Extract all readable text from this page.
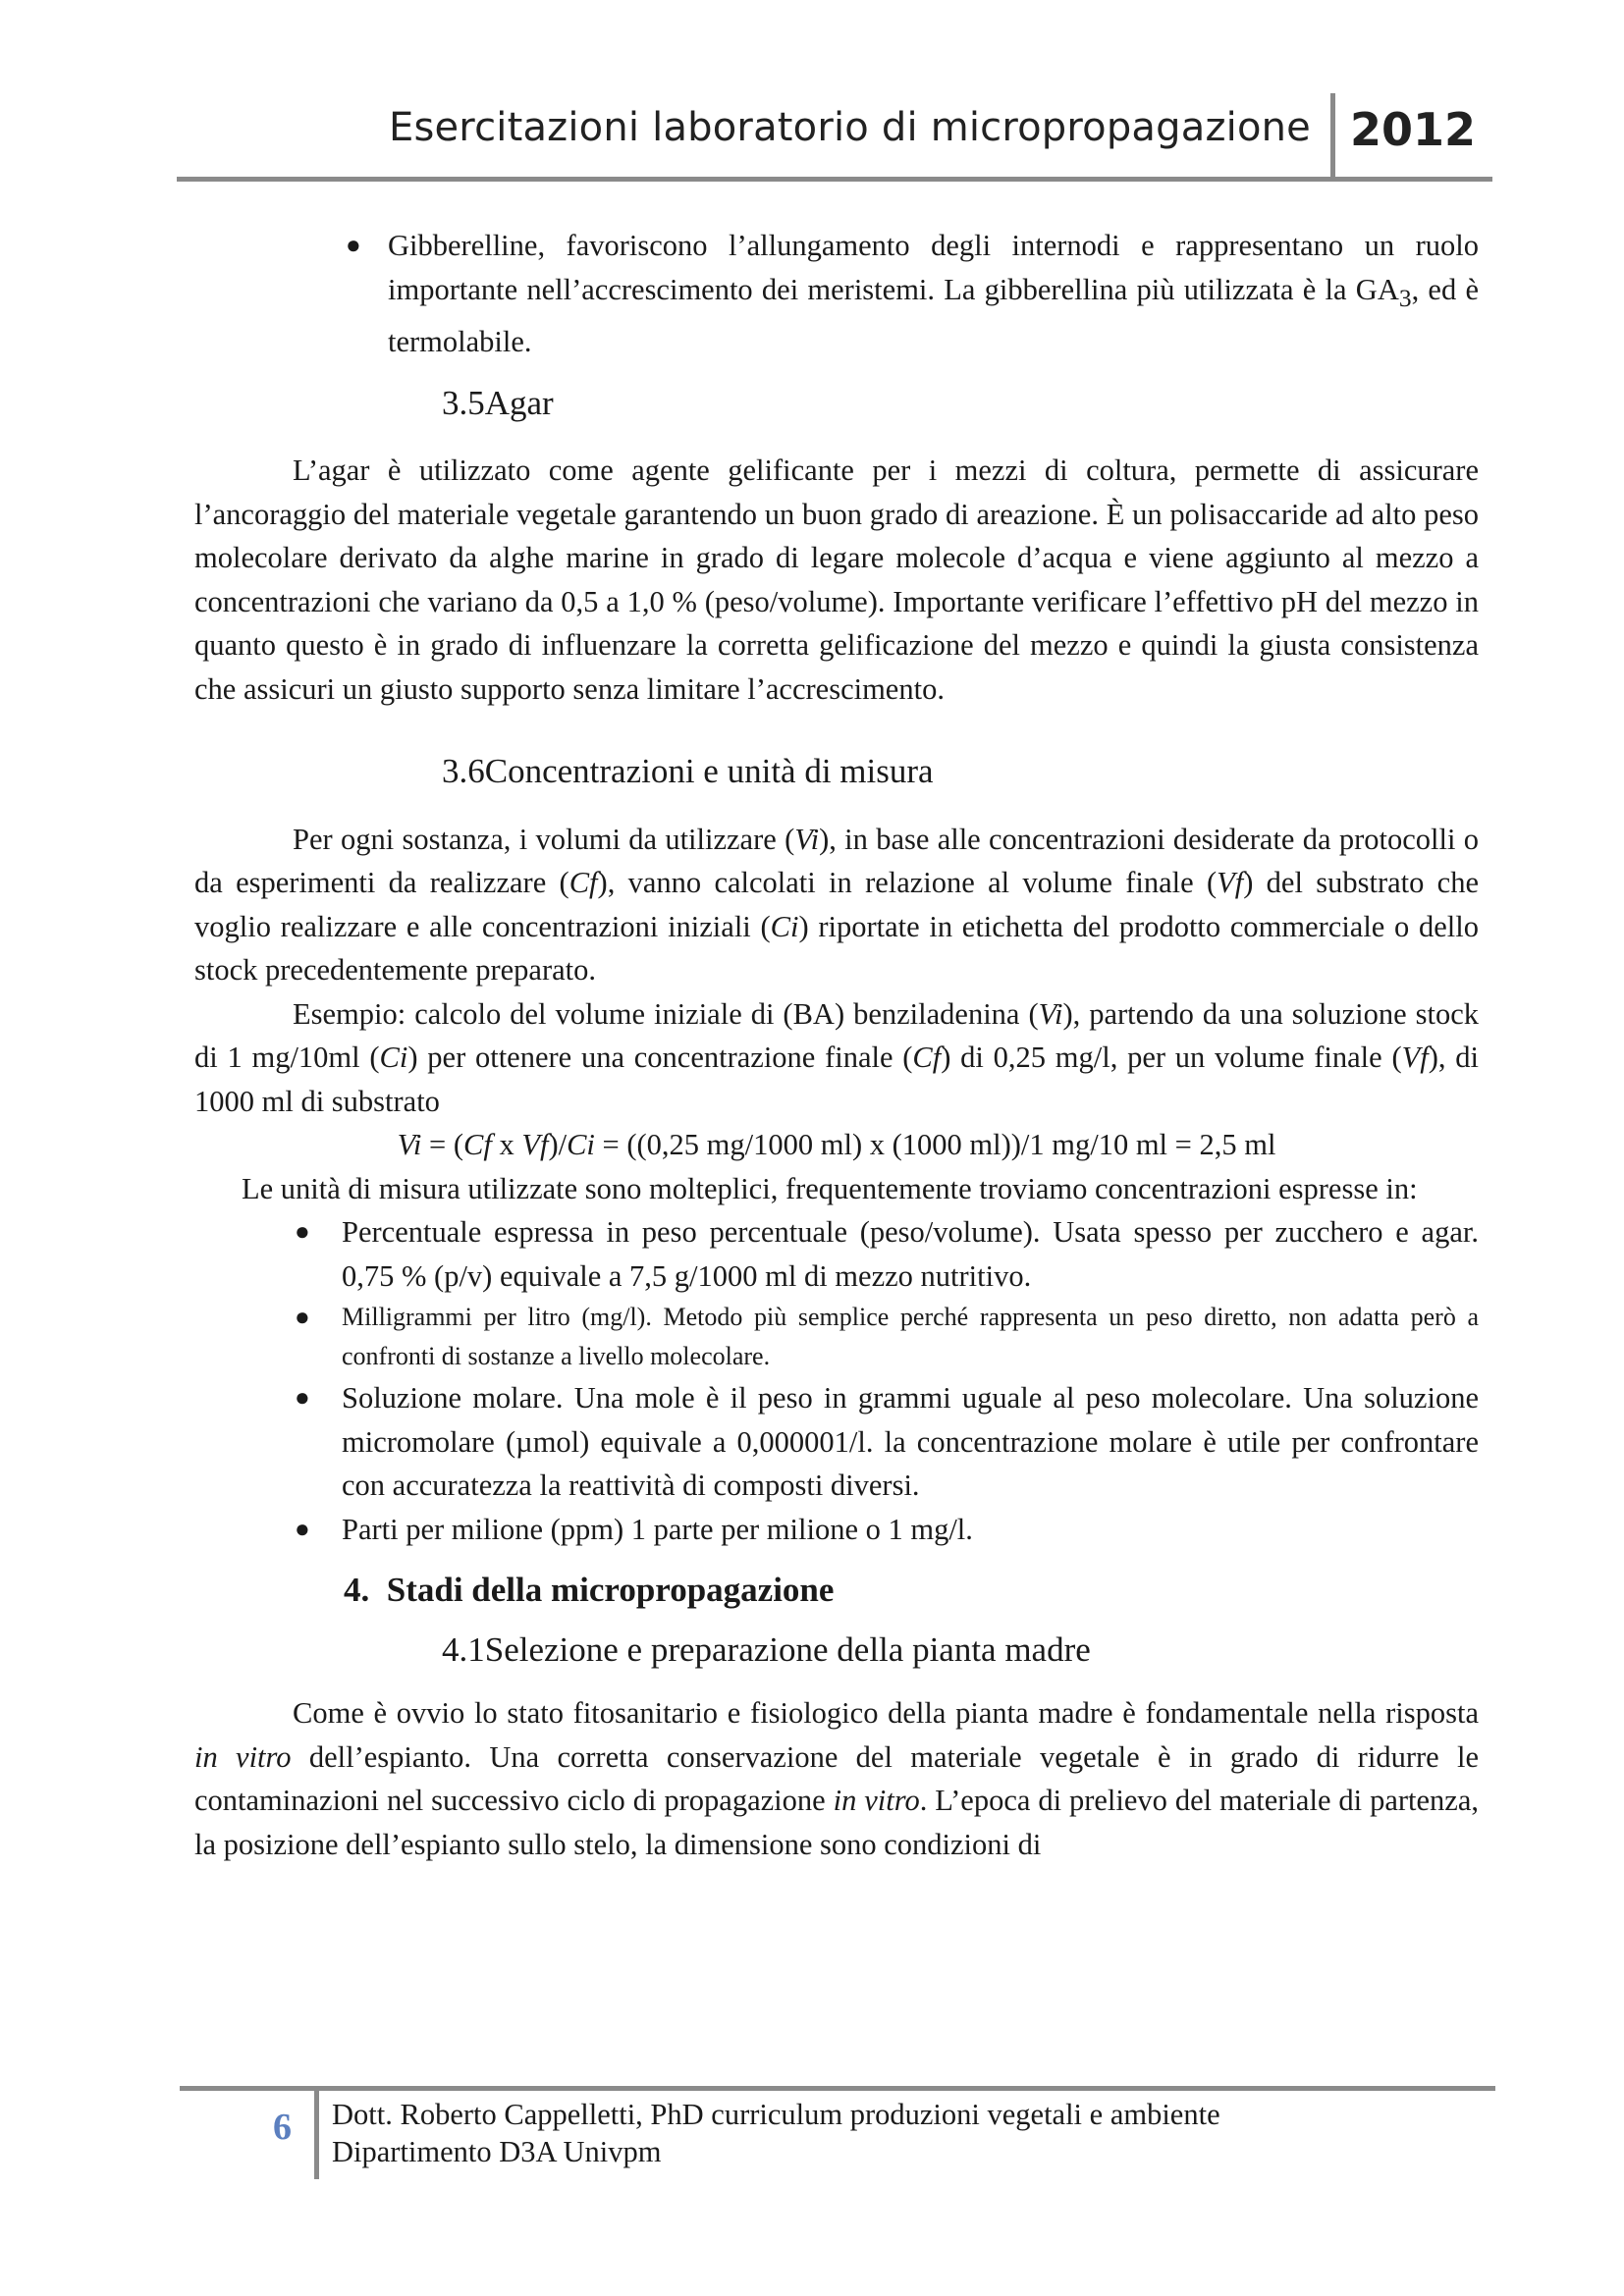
Esercitazioni laboratorio di micropropagazione 2012
● Gibberelline, favoriscono l’allungamento degli internodi e rappresentano un ruolo importante nell’accrescimento dei meristemi. La gibberellina più utilizzata è la $GA_3$, ed è termolabile.
3.5Agar

L’agar è utilizzato come agente gelificante per i mezzi di coltura, permette di assicurare l’ancoraggio del materiale vegetale garantendo un buon grado di areazione. È un polisaccaride ad alto peso molecolare derivato da alghe marine in grado di legare molecole d’acqua e viene aggiunto al mezzo a concentrazioni che variano da 0,5 a 1,0 % (peso/volume). Importante verificare l’effettivo pH del mezzo in quanto questo è in grado di influenzare la corretta gelificazione del mezzo e quindi la giusta consistenza che assicuri un giusto supporto senza limitare l’accrescimento.

3.6Concentrazioni e unità di misura

Per ogni sostanza, i volumi da utilizzare (Vi), in base alle concentrazioni desiderate da protocolli o da esperimenti da realizzare (Cf), vanno calcolati in relazione al volume finale (Vf) del substrato che voglio realizzare e alle concentrazioni iniziali (Ci) riportate in etichetta del prodotto commerciale o dello stock precedentemente preparato.

Esempio: calcolo del volume iniziale di (BA) benziladenina (Vi), partendo da una soluzione stock di 1 mg/10ml (Ci) per ottenere una concentrazione finale (Cf) di 0,25 mg/l, per un volume finale (Vf), di 1000 ml di substrato

Vi = (Cf x Vf)/Ci = ((0,25 mg/1000 ml) x (1000 ml))/1 mg/10 ml = 2,5 ml

Le unità di misura utilizzate sono molteplici, frequentemente troviamo concentrazioni espresse in:

● Percentuale espressa in peso percentuale (peso/volume). Usata spesso per zucchero e agar. 0,75 % (p/v) equivale a 7,5 g/1000 ml di mezzo nutritivo.
● Milligrammi per litro (mg/l). Metodo più semplice perché rappresenta un peso diretto, non adatta però a confronti di sostanze a livello molecolare.
● Soluzione molare. Una mole è il peso in grammi uguale al peso molecolare. Una soluzione micromolare (µmol) equivale a 0,000001/l. la concentrazione molare è utile per confrontare con accuratezza la reattività di composti diversi.
● Parti per milione (ppm) 1 parte per milione o 1 mg/l.
4. Stadi della micropropagazione
4.1Selezione e preparazione della pianta madre

Come è ovvio lo stato fitosanitario e fisiologico della pianta madre è fondamentale nella risposta in vitro dell’espianto. Una corretta conservazione del materiale vegetale è in grado di ridurre le contaminazioni nel successivo ciclo di propagazione in vitro. L’epoca di prelievo del materiale di partenza, la posizione dell’espianto sullo stelo, la dimensione sono condizioni di

6 Dott. Roberto Cappelletti, PhD curriculum produzioni vegetali e ambiente
Dipartimento D3A Univpm
